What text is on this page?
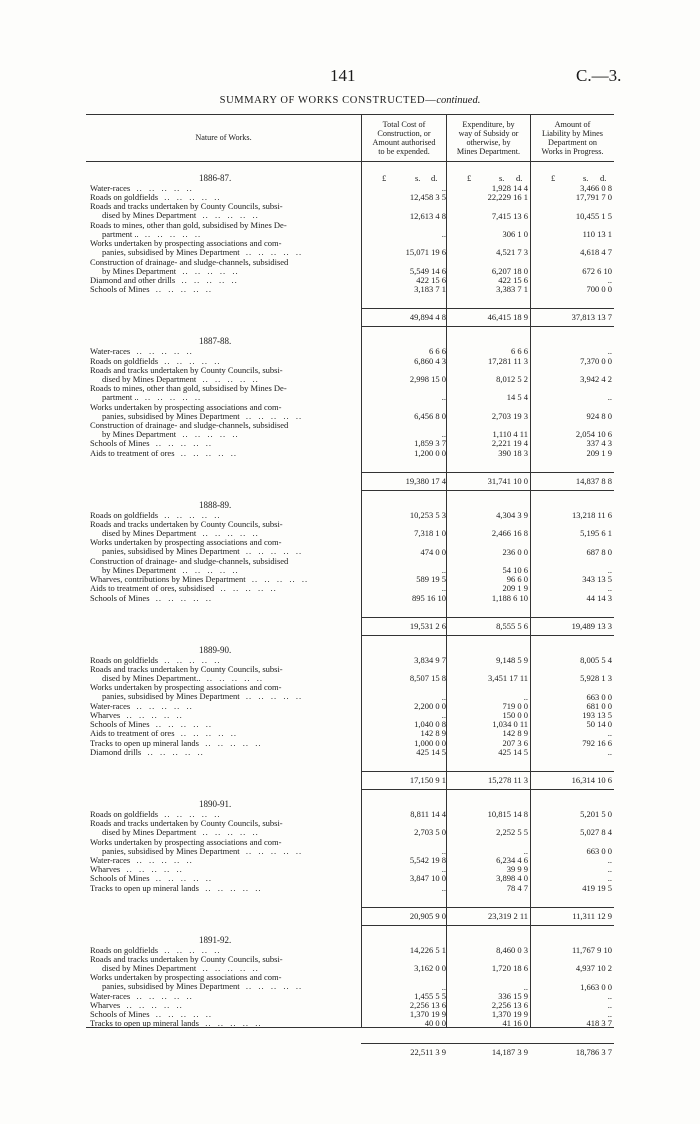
141	C.—3.
SUMMARY OF WORKS CONSTRUCTED—continued.
Nature of Works.
Total Cost of
Construction, or
Amount authorised
to be expended.
Expenditure, by
way of Subsidy or
otherwise, by
Mines Department.
Amount of
Liability by Mines
Department on
Works in Progress.
1886-87.	£	s. d.	£	s. d.	£	s. d.
Water-races ..  .	..	1,928 14 4	3,466 0 8
Roads on goldfields ..  .	12,458 3 5	22,229 16 1	17,791 7 0
Roads and tracks undertaken by County Councils, subsi-
dised by Mines Department ..  .	12,613 4 8	7,415 13 6	10,455 1 5
Roads to mines, other than gold, subsidised by Mines De-
partment .. ..  .	..	306 1 0	110 13 1
Works undertaken by prospecting associations and com-
panies, subsidised by Mines Department ..  .	15,071 19 6	4,521 7 3	4,618 4 7
Construction of drainage- and sludge-channels, subsidised
by Mines Department ..  .	5,549 14 6	6,207 18 0	672 6 10
Diamond and other drills ..  .	422 15 6	422 15 6	..
Schools of Mines ..  .	3,183 7 1	3,383 7 1	700 0 0
49,894 4 8	46,415 18 9	37,813 13 7
1887-88.
Water-races ..  .	6 6 6	6 6 6	..
Roads on goldfields ..  .	6,860 4 3	17,281 11 3	7,370 0 0
Roads and tracks undertaken by County Councils, subsi-
dised by Mines Department ..  .	2,998 15 0	8,012 5 2	3,942 4 2
Roads to mines, other than gold, subsidised by Mines De-
partment .. ..  .	..	14 5 4	..
Works undertaken by prospecting associations and com-
panies, subsidised by Mines Department ..  .	6,456 8 0	2,703 19 3	924 8 0
Construction of drainage- and sludge-channels, subsidised
by Mines Department ..  .	..	1,110 4 11	2,054 10 6
Schools of Mines ..  .	1,859 3 7	2,221 19 4	337 4 3
Aids to treatment of ores ..  .	1,200 0 0	390 18 3	209 1 9
19,380 17 4	31,741 10 0	14,837 8 8
1888-89.
Roads on goldfields ..  .	10,253 5 3	4,304 3 9	13,218 11 6
Roads and tracks undertaken by County Councils, subsi-
dised by Mines Department ..  .	7,318 1 0	2,466 16 8	5,195 6 1
Works undertaken by prospecting associations and com-
panies, subsidised by Mines Department ..  .	474 0 0	236 0 0	687 8 0
Construction of drainage- and sludge-channels, subsidised
by Mines Department ..  .	..	54 10 6	..
Wharves, contributions by Mines Department ..  .	589 19 5	96 6 0	343 13 5
Aids to treatment of ores, subsidised ..  .	..	209 1 9	..
Schools of Mines ..  .	895 16 10	1,188 6 10	44 14 3
19,531 2 6	8,555 5 6	19,489 13 3
1889-90.
Roads on goldfields ..  .	3,834 9 7	9,148 5 9	8,005 5 4
Roads and tracks undertaken by County Councils, subsi-
dised by Mines Department.. ..  .	8,507 15 8	3,451 17 11	5,928 1 3
Works undertaken by prospecting associations and com-
panies, subsidised by Mines Department ..  .	..	..	663 0 0
Water-races ..  .	2,200 0 0	719 0 0	681 0 0
Wharves ..  .	..	150 0 0	193 13 5
Schools of Mines ..  .	1,040 0 8	1,034 0 11	50 14 0
Aids to treatment of ores ..  .	142 8 9	142 8 9	..
Tracks to open up mineral lands ..  .	1,000 0 0	207 3 6	792 16 6
Diamond drills ..  .	425 14 5	425 14 5	..
17,150 9 1	15,278 11 3	16,314 10 6
1890-91.
Roads on goldfields ..  .	8,811 14 4	10,815 14 8	5,201 5 0
Roads and tracks undertaken by County Councils, subsi-
dised by Mines Department ..  .	2,703 5 0	2,252 5 5	5,027 8 4
Works undertaken by prospecting associations and com-
panies, subsidised by Mines Department ..  .	..	..	663 0 0
Water-races ..  .	5,542 19 8	6,234 4 6	..
Wharves ..  .	..	39 9 9	..
Schools of Mines ..  .	3,847 10 0	3,898 4 0	..
Tracks to open up mineral lands ..  .	..	78 4 7	419 19 5
20,905 9 0	23,319 2 11	11,311 12 9
1891-92.
Roads on goldfields ..  .	14,226 5 1	8,460 0 3	11,767 9 10
Roads and tracks undertaken by County Councils, subsi-
dised by Mines Department ..  .	3,162 0 0	1,720 18 6	4,937 10 2
Works undertaken by prospecting associations and com-
panies, subsidised by Mines Department ..  .	..	..	1,663 0 0
Water-races ..  .	1,455 5 5	336 15 9	..
Wharves ..  .	2,256 13 6	2,256 13 6	..
Schools of Mines ..  .	1,370 19 9	1,370 19 9	..
Tracks to open up mineral lands ..  .	40 0 0	41 16 0	418 3 7
22,511 3 9	14,187 3 9	18,786 3 7
